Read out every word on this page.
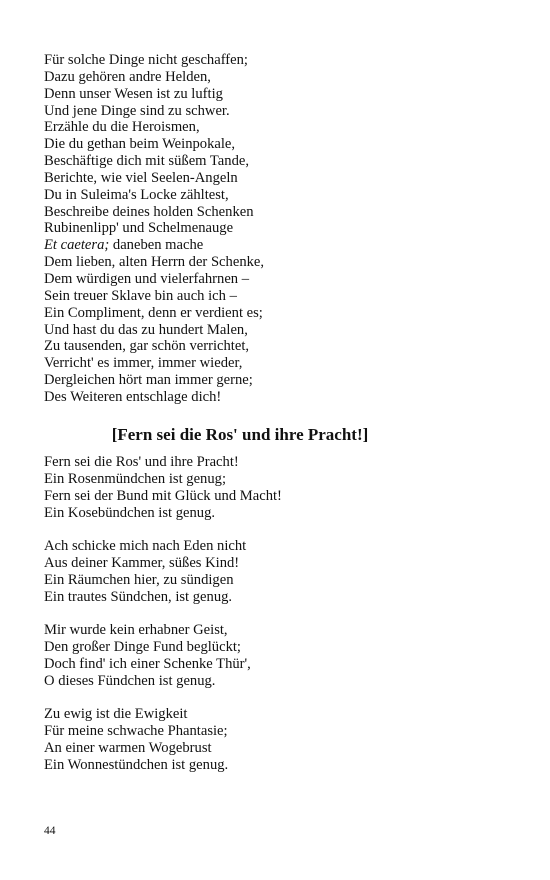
Für solche Dinge nicht geschaffen;
Dazu gehören andre Helden,
Denn unser Wesen ist zu luftig
Und jene Dinge sind zu schwer.
Erzähle du die Heroismen,
Die du gethan beim Weinpokale,
Beschäftige dich mit süßem Tande,
Berichte, wie viel Seelen-Angeln
Du in Suleima's Locke zähltest,
Beschreibe deines holden Schenken
Rubinenlipp' und Schelmenauge
Et caetera; daneben mache
Dem lieben, alten Herrn der Schenke,
Dem würdigen und vielerfahrnen –
Sein treuer Sklave bin auch ich –
Ein Compliment, denn er verdient es;
Und hast du das zu hundert Malen,
Zu tausenden, gar schön verrichtet,
Verricht' es immer, immer wieder,
Dergleichen hört man immer gerne;
Des Weiteren entschlage dich!
[Fern sei die Ros' und ihre Pracht!]
Fern sei die Ros' und ihre Pracht!
Ein Rosenmündchen ist genug;
Fern sei der Bund mit Glück und Macht!
Ein Kosebündchen ist genug.
Ach schicke mich nach Eden nicht
Aus deiner Kammer, süßes Kind!
Ein Räumchen hier, zu sündigen
Ein trautes Sündchen, ist genug.
Mir wurde kein erhabner Geist,
Den großer Dinge Fund beglückt;
Doch find' ich einer Schenke Thür',
O dieses Fündchen ist genug.
Zu ewig ist die Ewigkeit
Für meine schwache Phantasie;
An einer warmen Wogebrust
Ein Wonnestündchen ist genug.
44
